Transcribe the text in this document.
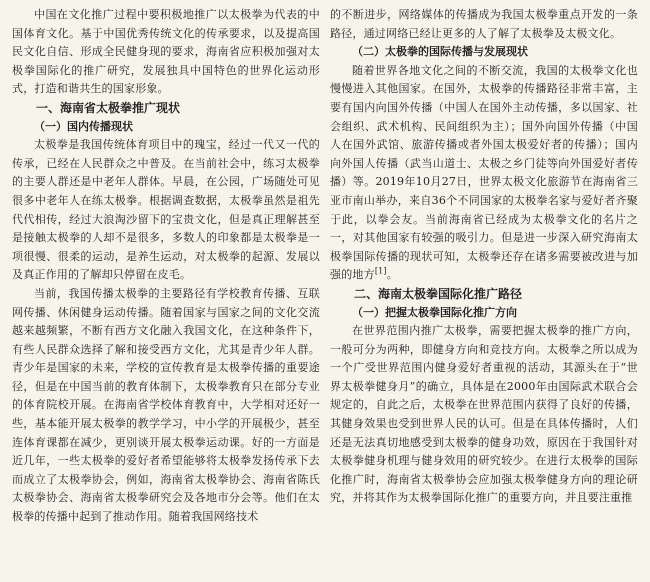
中国在文化推广过程中要积极地推广以太极拳为代表的中国体育文化。基于中国优秀传统文化的传承要求，以及提高国民文化自信、形成全民健身现的要求，海南省应积极加强对太极拳国际化的推广研究，发展独具中国特色的世界化运动形式，打造和谐共生的国家形象。

一、海南省太极拳推广现状

（一）国内传播现状

太极拳是我国传统体育项目中的瑰宝，经过一代又一代的传承，已经在人民群众之中普及。在当前社会中，练习太极拳的主要人群还是中老年人群体。早晨，在公园，广场随处可见很多中老年人在练太极拳。根据调查数据，太极拳虽然是祖先代代相传，经过大浪淘沙留下的宝贵文化，但是真正理解甚至是接触太极拳的人却不是很多，多数人的印象都是太极拳是一项很慢、很柔的运动，是养生运动，对太极拳的起源、发展以及真正作用的了解却只停留在皮毛。

当前，我国传播太极拳的主要路径有学校教育传播、互联网传播、休闲健身运动传播。随着国家与国家之间的文化交流越来越频繁，不断有西方文化融入我国文化，在这种条件下，有些人民群众选择了解和接受西方文化，尤其是青少年人群。青少年是国家的未来，学校的宣传教育是太极拳传播的重要途径，但是在中国当前的教育体制下，太极拳教育只在部分专业的体育院校开展。在海南省学校体育教育中，大学相对还好一些，基本能开展太极拳的教学学习，中小学的开展极少，甚至连体育课都在减少，更别谈开展太极拳运动课。好的一方面是近几年，一些太极拳的爱好者希望能够将太极拳发扬传承下去而成立了太极拳协会，例如，海南省太极拳协会、海南省陈氏太极拳协会、海南省太极拳研究会及各地市分会等。他们在太极拳的传播中起到了推动作用。随着我国网络技术

的不断进步，网络媒体的传播成为我国太极拳重点开发的一条路径，通过网络已经让更多的人了解了太极拳及太极文化。

（二）太极拳的国际传播与发展现状

随着世界各地文化之间的不断交流，我国的太极拳文化也慢慢进入其他国家。在国外，太极拳的传播路径非常丰富，主要有国内向国外传播（中国人在国外主动传播，多以国家、社会组织、武术机构、民间组织为主）；国外向国外传播（中国人在国外武馆、旅游传播或者外国太极爱好者的传播）；国内向外国人传播（武当山道士、太极之乡门徒等向外国爱好者传播）等。2019年10月27日，世界太极文化旅游节在海南省三亚市南山举办，来自36个不同国家的太极拳名家与爱好者齐聚于此，以拳会友。当前海南省已经成为太极拳文化的名片之一，对其他国家有较强的吸引力。但是进一步深入研究海南太极拳国际传播的现状可知，太极拳还存在诸多需要被改进与加强的地方[1]。

二、海南太极拳国际化推广路径

（一）把握太极拳国际化推广方向

在世界范围内推广太极拳，需要把握太极拳的推广方向，一般可分为两种，即健身方向和竞技方向。太极拳之所以成为一个广受世界范围内健身爱好者重视的活动，其源头在于“世界太极拳健身月”的确立，具体是在2000年由国际武术联合会规定的，自此之后，太极拳在世界范围内获得了良好的传播，其健身效果也受到世界人民的认可。但是在具体传播时，人们还是无法真切地感受到太极拳的健身功效，原因在于我国针对太极拳健身机理与健身效用的研究较少。在进行太极拳的国际化推广时，海南省太极拳协会应加强太极拳健身方向的理论研究，并将其作为太极拳国际化推广的重要方向，并且要注重推
